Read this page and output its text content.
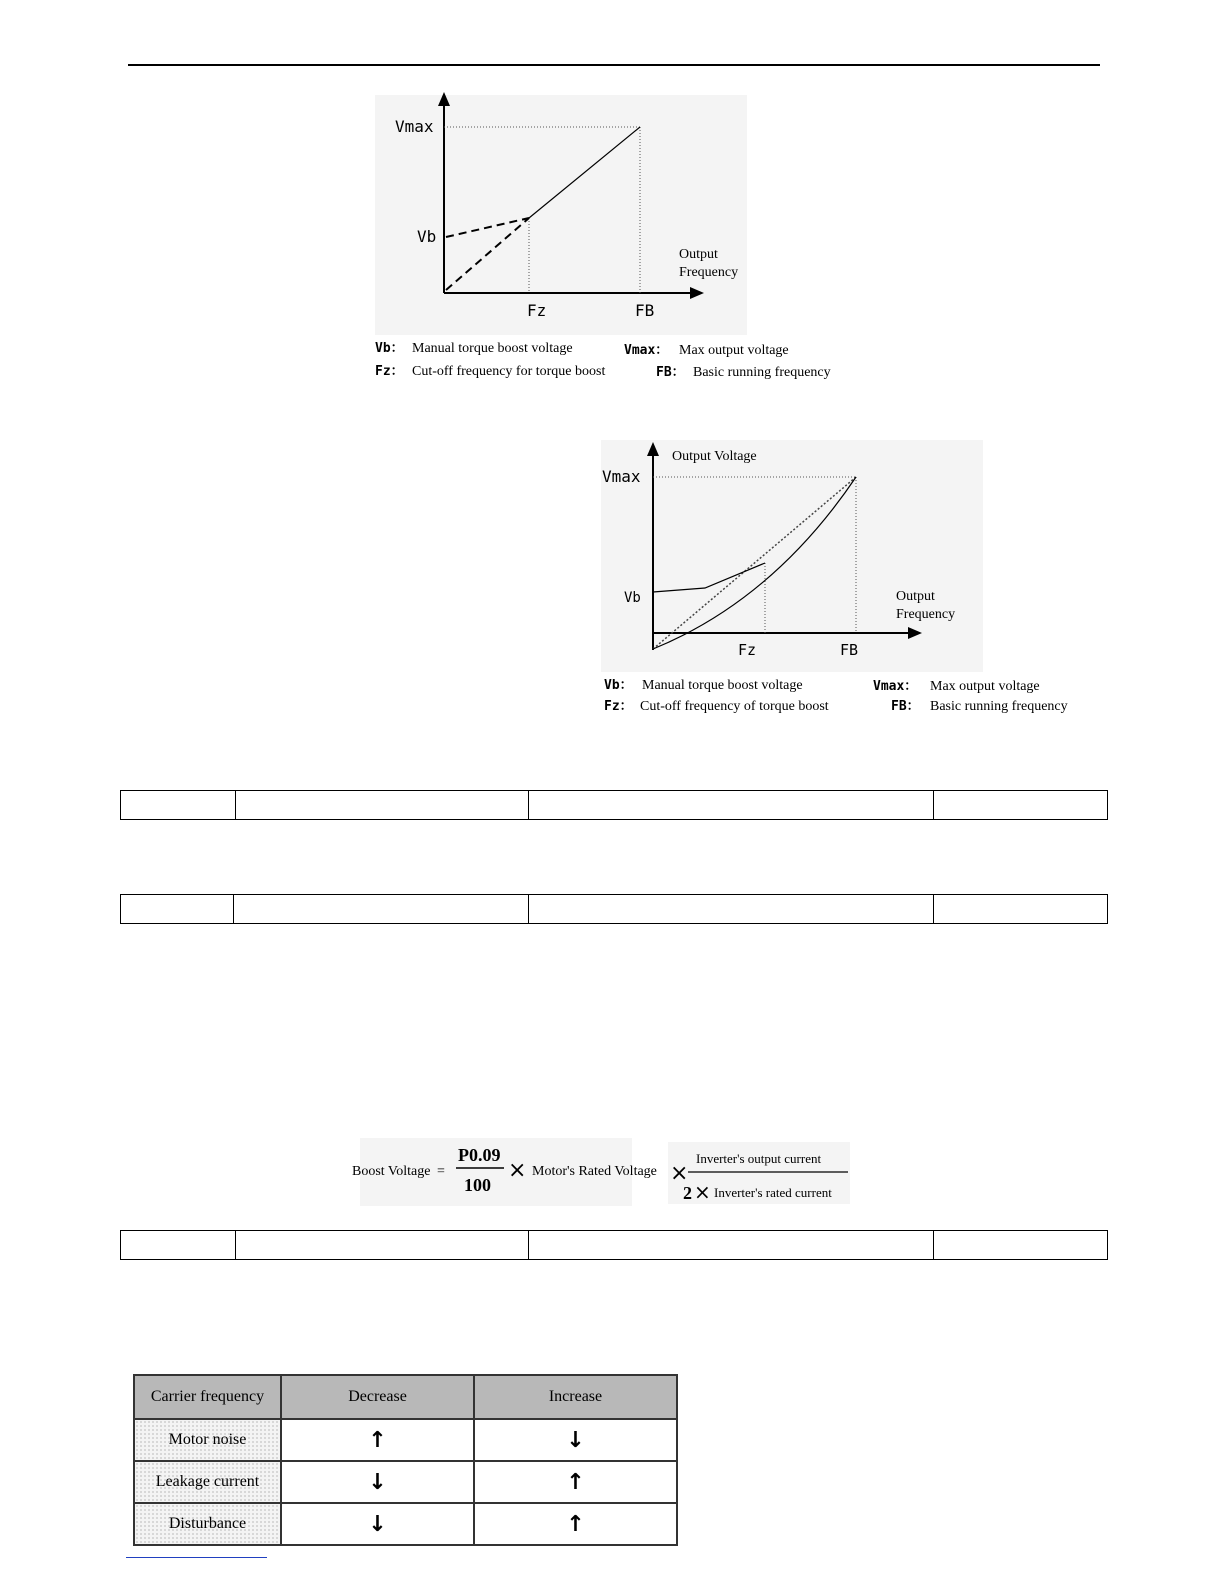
Vmax
Vb
Fz	FB
Output
Frequency
Vb： Manual torque boost voltage	Vmax： Max output voltage
Fz： Cut-off frequency for torque boost	FB： Basic running frequency
Output Voltage
Vmax
Vb
Fz	FB
Output
Frequency
Vb： Manual torque boost voltage	Vmax： Max output voltage
Fz： Cut-off frequency of torque boost	FB： Basic running frequency

Boost Voltage =
P0.09
100
× Motor's Rated Voltage ×
Inverter's output current
2 × Inverter's rated current

Carrier frequency	Decrease	Increase
Motor noise	↑	↓
Leakage current	↓	↑
Disturbance	↓	↑
